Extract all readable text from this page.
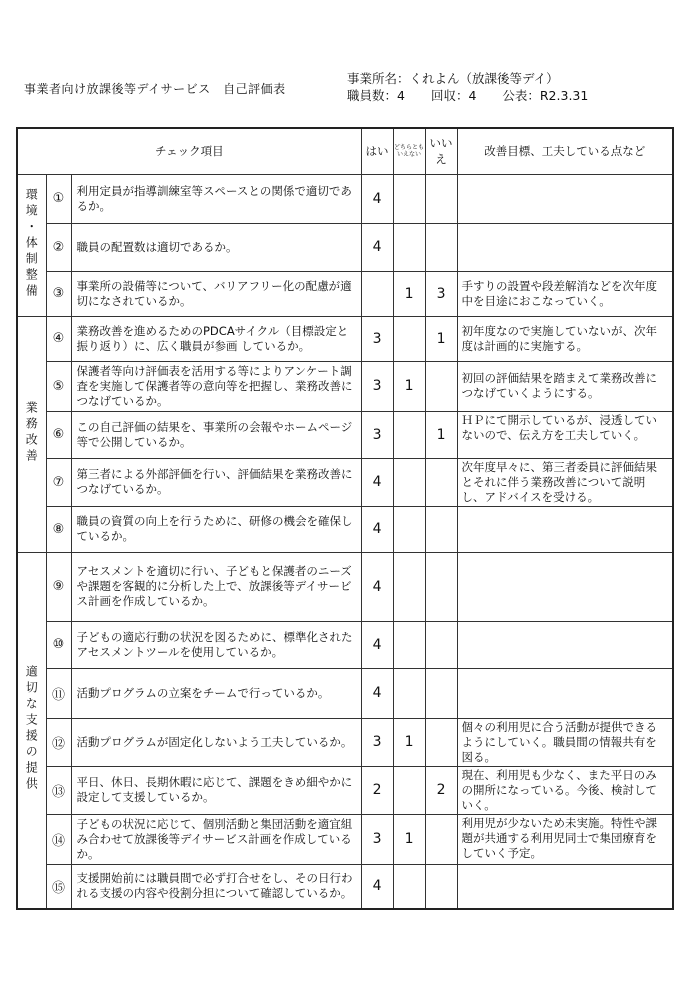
事業者向け放課後等デイサービス　自己評価表
事業所名：くれよん（放課後等デイ）
職員数：4 回収：4 公表：R2.3.31
チェック項目			はい	どちらとも いえない	いいえ	改善目標、工夫している点など
環境・体制整備	①	利用定員が指導訓練室等スペースとの関係で適切であるか。	4			
	②	職員の配置数は適切であるか。	4			
	③	事業所の設備等について、バリアフリー化の配慮が適切になされているか。		1	3	手すりの設置や段差解消などを次年度中を目途におこなっていく。
業務改善	④	業務改善を進めるためのPDCAサイクル（目標設定と振り返り）に、広く職員が参画 しているか。	3		1	初年度なので実施していないが、次年度は計画的に実施する。
	⑤	保護者等向け評価表を活用する等によりアンケート調査を実施して保護者等の意向等を把握し、業務改善につなげているか。	3	1		初回の評価結果を踏まえて業務改善につなげていくようにする。
	⑥	この自己評価の結果を、事業所の会報やホームページ等で公開しているか。	3		1	ＨＰにて開示しているが、浸透していないので、伝え方を工夫していく。
	⑦	第三者による外部評価を行い、評価結果を業務改善につなげているか。	4			次年度早々に、第三者委員に評価結果とそれに伴う業務改善について説明し、アドバイスを受ける。
	⑧	職員の資質の向上を行うために、研修の機会を確保しているか。	4			
適切な支援の提供	⑨	アセスメントを適切に行い、子どもと保護者のニーズや課題を客観的に分析した上で、放課後等デイサービス計画を作成しているか。	4			
	⑩	子どもの適応行動の状況を図るために、標準化されたアセスメントツールを使用しているか。	4			
	⑪	活動プログラムの立案をチームで行っているか。	4			
	⑫	活動プログラムが固定化しないよう工夫しているか。	3	1		個々の利用児に合う活動が提供できるようにしていく。職員間の情報共有を図る。
	⑬	平日、休日、長期休暇に応じて、課題をきめ細やかに設定して支援しているか。	2		2	現在、利用児も少なく、また平日のみの開所になっている。今後、検討していく。
	⑭	子どもの状況に応じて、個別活動と集団活動を適宜組み合わせて放課後等デイサービス計画を作成しているか。	3	1		利用児が少ないため未実施。特性や課題が共通する利用児同士で集団療育をしていく予定。
	⑮	支援開始前には職員間で必ず打合せをし、その日行われる支援の内容や役割分担について確認しているか。	4			
